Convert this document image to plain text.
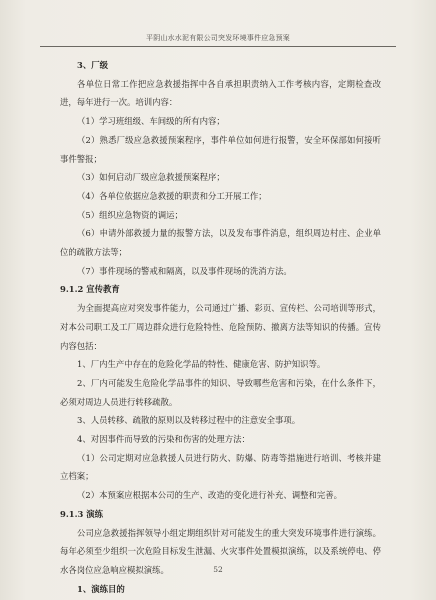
平阴山水水泥有限公司突发环境事件应急预案

3、厂级

各单位日常工作把应急救援指挥中各自承担职责纳入工作考核内容，定期检查改进，每年进行一次。培训内容：

（1）学习班组级、车间级的所有内容；

（2）熟悉厂级应急救援预案程序，事件单位如何进行报警，安全环保部如何接听事件警报；

（3）如何启动厂级应急救援预案程序；

（4）各单位依据应急救援的职责和分工开展工作；

（5）组织应急物资的调运；

（6）申请外部救援力量的报警方法，以及发布事件消息，组织周边村庄、企业单位的疏散方法等；

（7）事件现场的警戒和隔离，以及事件现场的洗消方法。

9.1.2 宣传教育

为全面提高应对突发事件能力，公司通过广播、彩页、宣传栏、公司培训等形式，对本公司职工及工厂周边群众进行危险特性、危险预防、撤离方法等知识的传播。宣传内容包括：

1、厂内生产中存在的危险化学品的特性、健康危害、防护知识等。

2、厂内可能发生危险化学品事件的知识、导致哪些危害和污染，在什么条件下，必须对周边人员进行转移疏散。

3、人员转移、疏散的原则以及转移过程中的注意安全事项。

4、对因事件而导致的污染和伤害的处理方法：

（1）公司定期对应急救援人员进行防火、防爆、防毒等措施进行培训、考核并建立档案；

（2）本预案应根据本公司的生产、改造的变化进行补充、调整和完善。

9.1.3 演练

公司应急救援指挥领导小组定期组织针对可能发生的重大突发环境事件进行演练。每年必须至少组织一次危险目标发生泄漏、火灾事件处置模拟演练，以及系统停电、停水各岗位应急响应模拟演练。

1、演练目的

52
